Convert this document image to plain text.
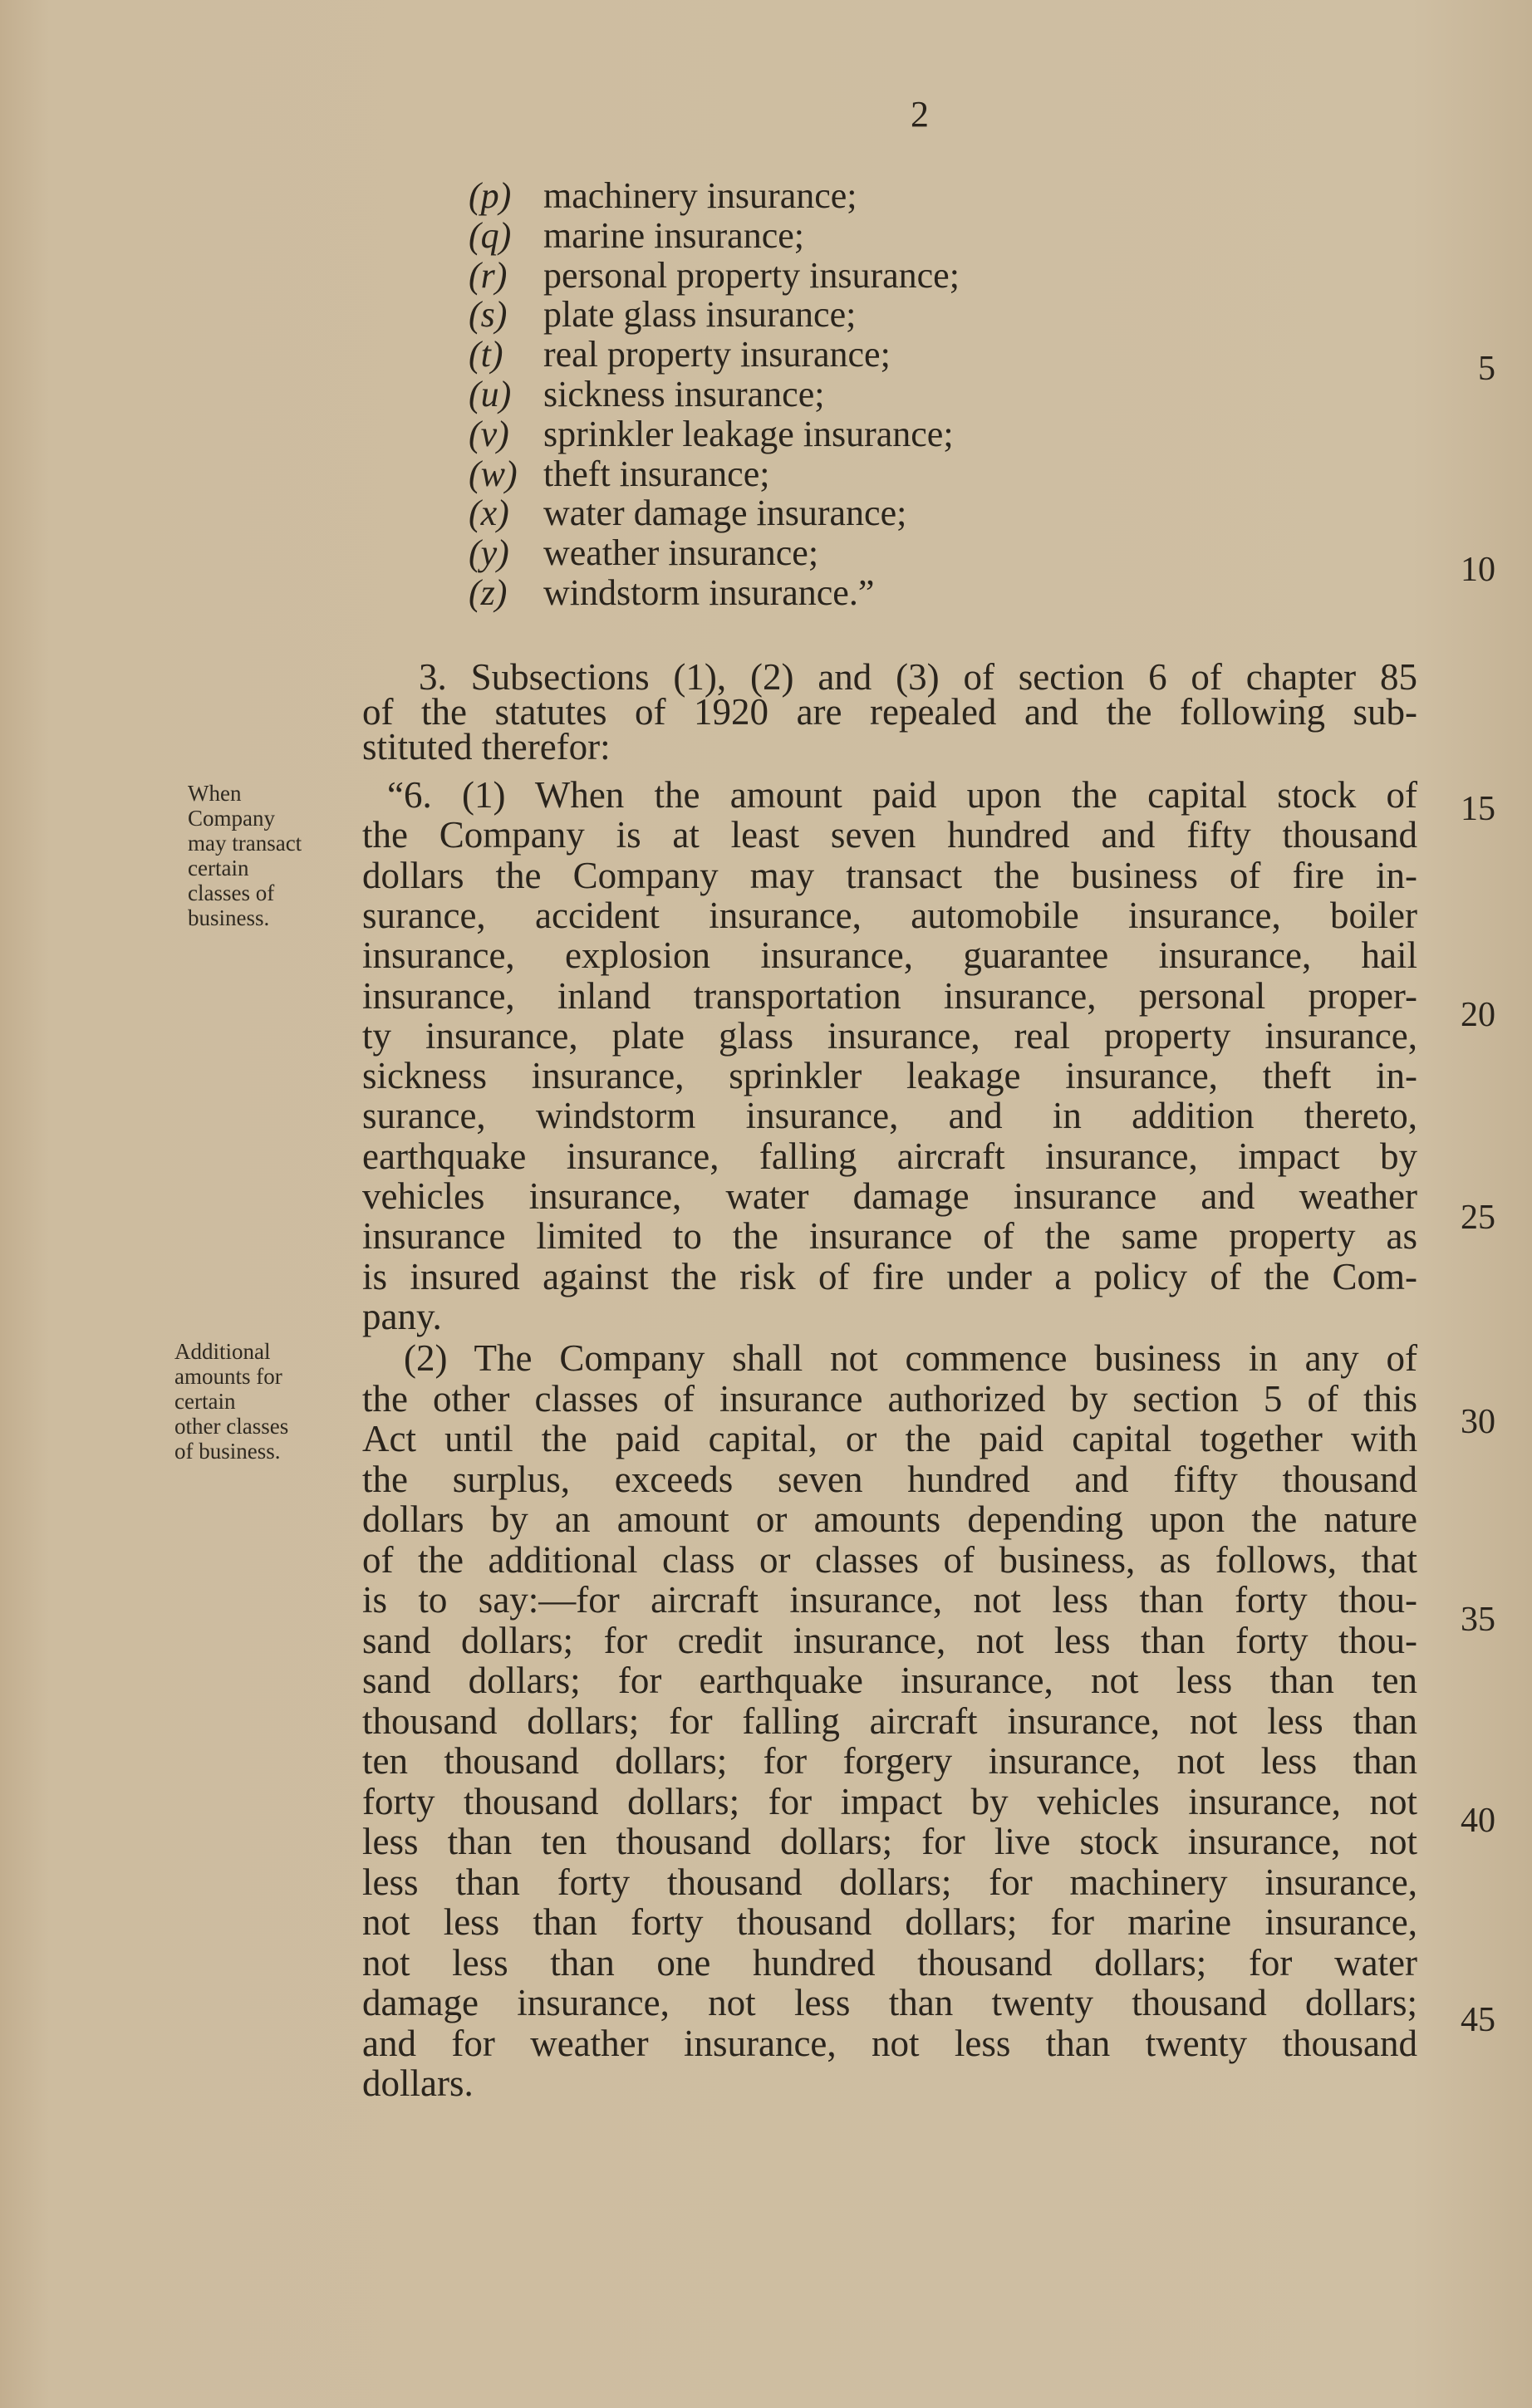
2
(p) machinery insurance;
(q) marine insurance;
(r) personal property insurance;
(s) plate glass insurance;
(t) real property insurance;
(u) sickness insurance;
(v) sprinkler leakage insurance;
(w) theft insurance;
(x) water damage insurance;
(y) weather insurance;
(z) windstorm insurance.”
3. Subsections (1), (2) and (3) of section 6 of chapter 85
of the statutes of 1920 are repealed and the following sub-
stituted therefor:
When
Company
may transact
certain
classes of
business.
Additional
amounts for
certain
other classes
of business.
“6. (1) When the amount paid upon the capital stock of
the Company is at least seven hundred and fifty thousand
dollars the Company may transact the business of fire in-
surance, accident insurance, automobile insurance, boiler
insurance, explosion insurance, guarantee insurance, hail
insurance, inland transportation insurance, personal proper-
ty insurance, plate glass insurance, real property insurance,
sickness insurance, sprinkler leakage insurance, theft in-
surance, windstorm insurance, and in addition thereto,
earthquake insurance, falling aircraft insurance, impact by
vehicles insurance, water damage insurance and weather
insurance limited to the insurance of the same property as
is insured against the risk of fire under a policy of the Com-
pany.
(2) The Company shall not commence business in any of
the other classes of insurance authorized by section 5 of this
Act until the paid capital, or the paid capital together with
the surplus, exceeds seven hundred and fifty thousand
dollars by an amount or amounts depending upon the nature
of the additional class or classes of business, as follows, that
is to say:—for aircraft insurance, not less than forty thou-
sand dollars; for credit insurance, not less than forty thou-
sand dollars; for earthquake insurance, not less than ten
thousand dollars; for falling aircraft insurance, not less than
ten thousand dollars; for forgery insurance, not less than
forty thousand dollars; for impact by vehicles insurance, not
less than ten thousand dollars; for live stock insurance, not
less than forty thousand dollars; for machinery insurance,
not less than forty thousand dollars; for marine insurance,
not less than one hundred thousand dollars; for water
damage insurance, not less than twenty thousand dollars;
and for weather insurance, not less than twenty thousand
dollars.
5
10
15
20
25
30
35
40
45
